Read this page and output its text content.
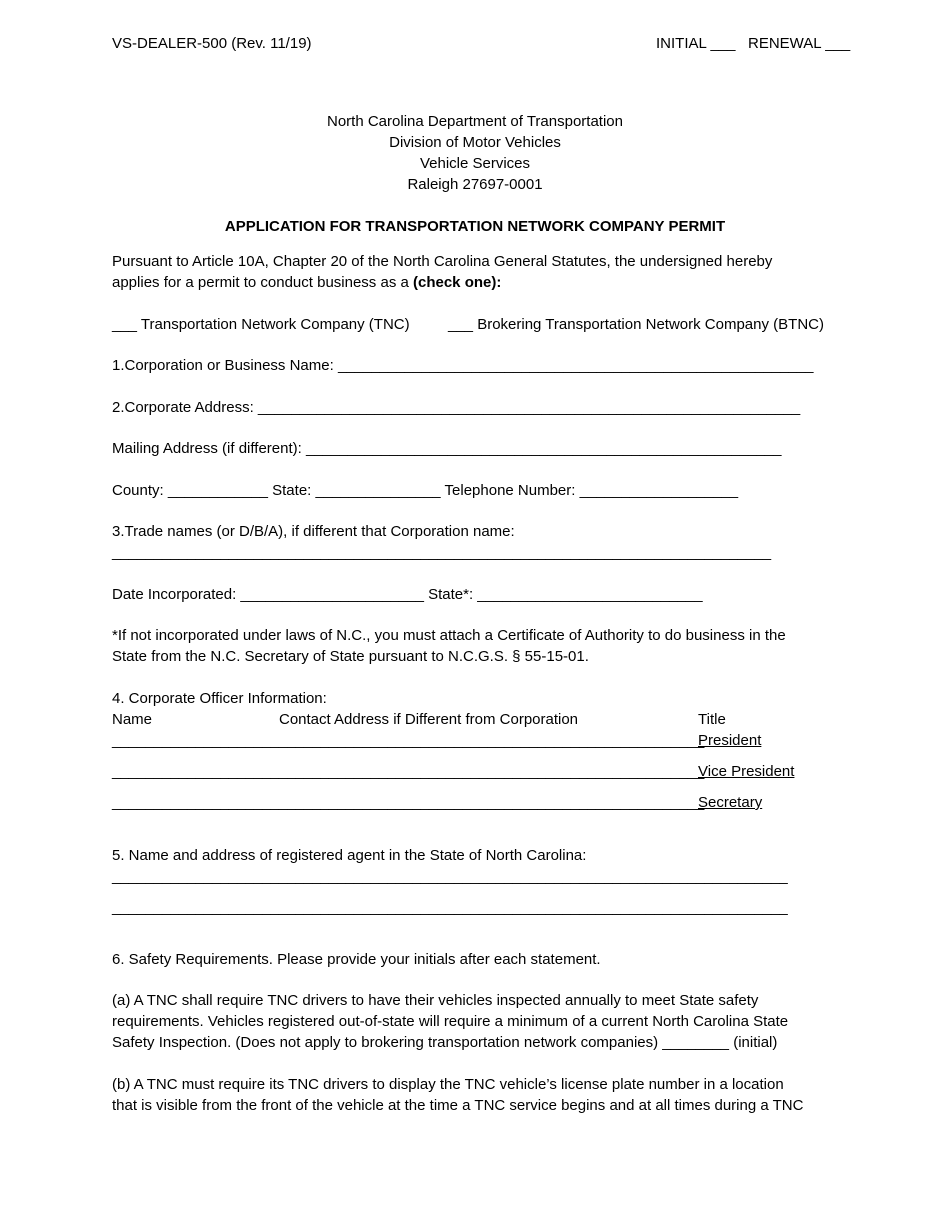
VS-DEALER-500 (Rev. 11/19)	INITIAL ___ RENEWAL ___
North Carolina Department of Transportation
Division of Motor Vehicles
Vehicle Services
Raleigh 27697-0001
APPLICATION FOR TRANSPORTATION NETWORK COMPANY PERMIT
Pursuant to Article 10A, Chapter 20 of the North Carolina General Statutes, the undersigned hereby
applies for a permit to conduct business as a (check one):
___ Transportation Network Company (TNC)	___ Brokering Transportation Network Company (BTNC)
1.Corporation or Business Name: _________________________________________________________
2.Corporate Address: _________________________________________________________________
Mailing Address (if different): _________________________________________________________
County: ____________ State: _______________ Telephone Number: ___________________
3.Trade names (or D/B/A), if different that Corporation name:
_______________________________________________________________________________
Date Incorporated: ______________________ State*: ___________________________
*If not incorporated under laws of N.C., you must attach a Certificate of Authority to do business in the
State from the N.C. Secretary of State pursuant to N.C.G.S. § 55-15-01.
4. Corporate Officer Information:
Name	Contact Address if Different from Corporation	Title
_______________________________________________________________________
President
_______________________________________________________________________
Vice President
_______________________________________________________________________
Secretary
5. Name and address of registered agent in the State of North Carolina:
_________________________________________________________________________________
_________________________________________________________________________________
6. Safety Requirements. Please provide your initials after each statement.
(a) A TNC shall require TNC drivers to have their vehicles inspected annually to meet State safety
requirements. Vehicles registered out-of-state will require a minimum of a current North Carolina State
Safety Inspection. (Does not apply to brokering transportation network companies) ________ (initial)
(b) A TNC must require its TNC drivers to display the TNC vehicle’s license plate number in a location
that is visible from the front of the vehicle at the time a TNC service begins and at all times during a TNC
